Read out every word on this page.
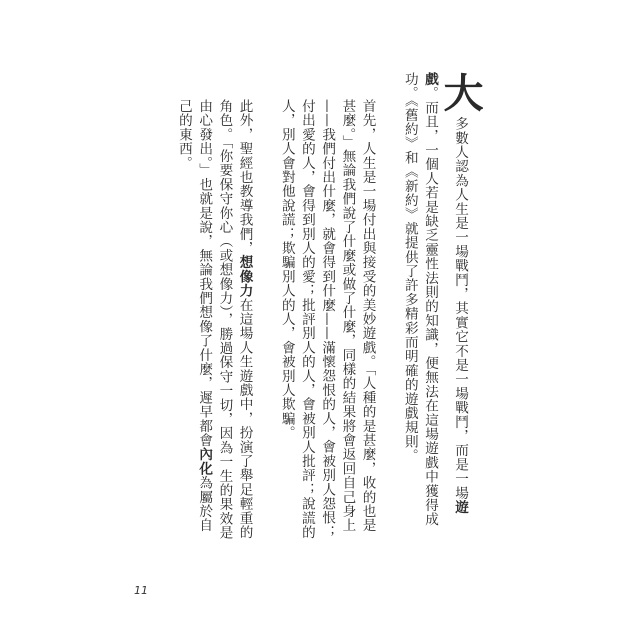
大多數人認為人生是一場戰鬥，其實它不是一場戰鬥，而是一場遊戲。而且，一個人若是缺乏靈性法則的知識，便無法在這場遊戲中獲得成功。《舊約》和《新約》就提供了許多精彩而明確的遊戲規則。

首先，人生是一場付出與接受的美妙遊戲。「人種的是甚麼，收的也是甚麼。」無論我們說了什麼或做了什麼，同樣的結果將會返回自己身上——我們付出什麼，就會得到什麼——滿懷怨恨的人，會被別人怨恨；付出愛的人，會得到別人的愛；批評別人的人，會被別人批評；說謊的人，別人會對他說謊；欺騙別人的人，會被別人欺騙。

此外，聖經也教導我們，想像力在這場人生遊戲中，扮演了舉足輕重的角色。「你要保守你心（或想像力），勝過保守一切，因為一生的果效是由心發出。」也就是說，無論我們想像了什麼，遲早都會內化為屬於自己的東西。

11
